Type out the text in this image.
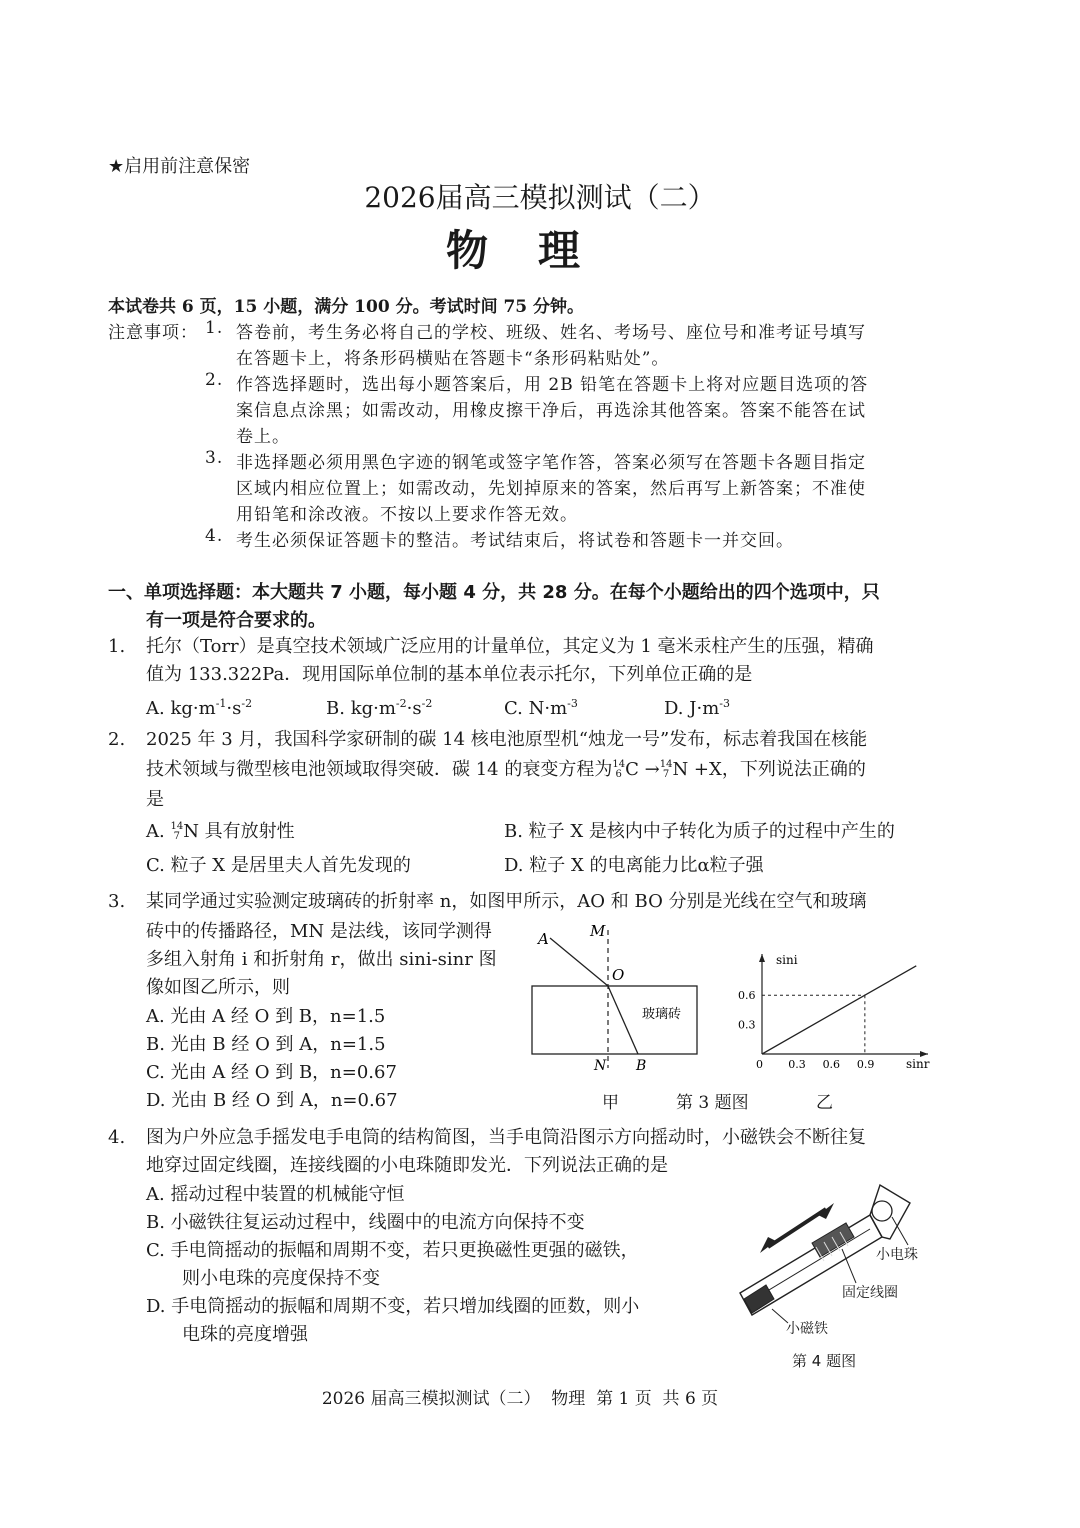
★启用前注意保密
2026届高三模拟测试（二）
物　理
本试卷共 6 页，15 小题，满分 100 分。考试时间 75 分钟。
注意事项： 1. 答卷前，考生务必将自己的学校、班级、姓名、考场号、座位号和准考证号填写
在答题卡上，将条形码横贴在答题卡“条形码粘贴处”。
2. 作答选择题时，选出每小题答案后，用 2B 铅笔在答题卡上将对应题目选项的答
案信息点涂黑；如需改动，用橡皮擦干净后，再选涂其他答案。答案不能答在试
卷上。
3. 非选择题必须用黑色字迹的钢笔或签字笔作答，答案必须写在答题卡各题目指定
区域内相应位置上；如需改动，先划掉原来的答案，然后再写上新答案；不准使
用铅笔和涂改液。不按以上要求作答无效。
4. 考生必须保证答题卡的整洁。考试结束后，将试卷和答题卡一并交回。
一、单项选择题：本大题共 7 小题，每小题 4 分，共 28 分。在每个小题给出的四个选项中，只
有一项是符合要求的。
1. 托尔（Torr）是真空技术领域广泛应用的计量单位，其定义为 1 毫米汞柱产生的压强，精确
值为 133.322Pa．现用国际单位制的基本单位表示托尔，下列单位正确的是
A. $kg\cdot m^{-1}\cdot s^{-2}$	B. $kg\cdot m^{-2}\cdot s^{-2}$	C. $N\cdot m^{-3}$	D. $J\cdot m^{-3}$
2. 2025 年 3 月，我国科学家研制的碳 14 核电池原型机“烛龙一号”发布，标志着我国在核能
技术领域与微型核电池领域取得突破．碳 14 的衰变方程为14
6 C →14
7 N +X，下列说法正确的
是
A. 14
7 N 具有放射性	B. 粒子 X 是核内中子转化为质子的过程中产生的
C. 粒子 X 是居里夫人首先发现的	D. 粒子 X 的电离能力比α粒子强
3. 某同学通过实验测定玻璃砖的折射率 n，如图甲所示，AO 和 BO 分别是光线在空气和玻璃
砖中的传播路径，MN 是法线，该同学测得
多组入射角 i 和折射角 r，做出 sini-sinr 图
像如图乙所示，则
A. 光由 A 经 O 到 B，n=1.5
B. 光由 B 经 O 到 A，n=1.5
C. 光由 A 经 O 到 B，n=0.67
D. 光由 B 经 O 到 A，n=0.67
A	M
O
N B
玻璃砖
甲	第 3 题图	乙
sini
sinr
0 0.3 0.6 0.9
0.3
0.6
4. 图为户外应急手摇发电手电筒的结构简图，当手电筒沿图示方向摇动时，小磁铁会不断往复
地穿过固定线圈，连接线圈的小电珠随即发光．下列说法正确的是
A. 摇动过程中装置的机械能守恒
B. 小磁铁往复运动过程中，线圈中的电流方向保持不变
C. 手电筒摇动的振幅和周期不变，若只更换磁性更强的磁铁，
则小电珠的亮度保持不变
D. 手电筒摇动的振幅和周期不变，若只增加线圈的匝数，则小
电珠的亮度增强
小电珠
固定线圈
小磁铁
第 4 题图
2026 届高三模拟测试（二）  物理  第 1 页  共 6 页
